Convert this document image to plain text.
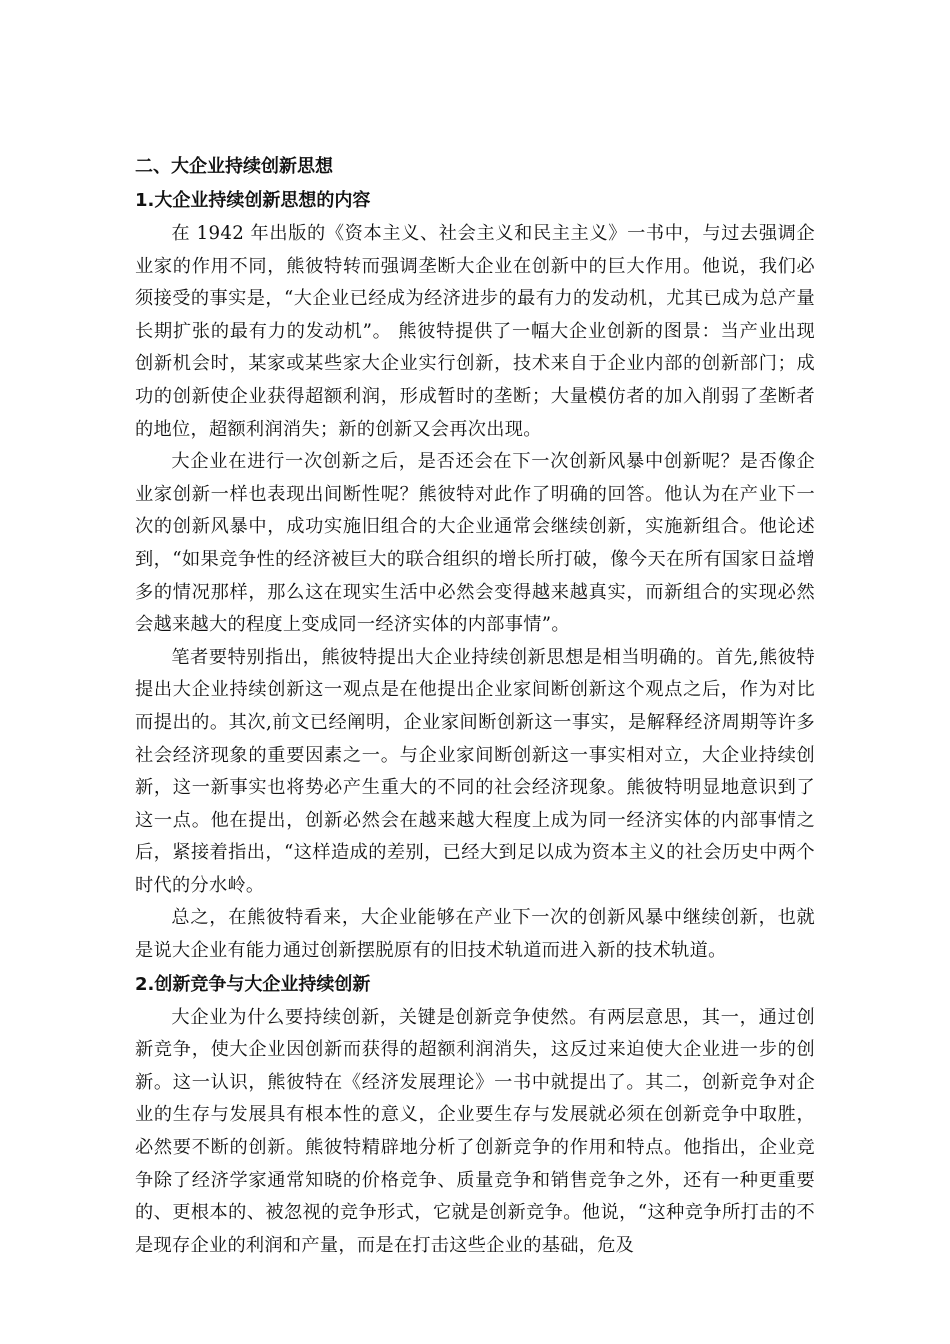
二、大企业持续创新思想
1.大企业持续创新思想的内容

在 1942 年出版的《资本主义、社会主义和民主主义》一书中，与过去强调企业家的作用不同，熊彼特转而强调垄断大企业在创新中的巨大作用。他说，我们必须接受的事实是，“大企业已经成为经济进步的最有力的发动机，尤其已成为总产量长期扩张的最有力的发动机”。 熊彼特提供了一幅大企业创新的图景：当产业出现创新机会时，某家或某些家大企业实行创新，技术来自于企业内部的创新部门；成功的创新使企业获得超额利润，形成暂时的垄断；大量模仿者的加入削弱了垄断者的地位，超额利润消失；新的创新又会再次出现。

大企业在进行一次创新之后，是否还会在下一次创新风暴中创新呢？是否像企业家创新一样也表现出间断性呢？熊彼特对此作了明确的回答。他认为在产业下一次的创新风暴中，成功实施旧组合的大企业通常会继续创新，实施新组合。他论述到，“如果竞争性的经济被巨大的联合组织的增长所打破，像今天在所有国家日益增多的情况那样，那么这在现实生活中必然会变得越来越真实，而新组合的实现必然会越来越大的程度上变成同一经济实体的内部事情”。

笔者要特别指出，熊彼特提出大企业持续创新思想是相当明确的。首先,熊彼特提出大企业持续创新这一观点是在他提出企业家间断创新这个观点之后，作为对比而提出的。其次,前文已经阐明，企业家间断创新这一事实，是解释经济周期等许多社会经济现象的重要因素之一。与企业家间断创新这一事实相对立，大企业持续创新，这一新事实也将势必产生重大的不同的社会经济现象。熊彼特明显地意识到了这一点。他在提出，创新必然会在越来越大程度上成为同一经济实体的内部事情之后，紧接着指出，“这样造成的差别，已经大到足以成为资本主义的社会历史中两个时代的分水岭。

总之，在熊彼特看来，大企业能够在产业下一次的创新风暴中继续创新，也就是说大企业有能力通过创新摆脱原有的旧技术轨道而进入新的技术轨道。

2.创新竞争与大企业持续创新

大企业为什么要持续创新，关键是创新竞争使然。有两层意思，其一，通过创新竞争，使大企业因创新而获得的超额利润消失，这反过来迫使大企业进一步的创新。这一认识，熊彼特在《经济发展理论》一书中就提出了。其二，创新竞争对企业的生存与发展具有根本性的意义，企业要生存与发展就必须在创新竞争中取胜，必然要不断的创新。熊彼特精辟地分析了创新竞争的作用和特点。他指出，企业竞争除了经济学家通常知晓的价格竞争、质量竞争和销售竞争之外，还有一种更重要的、更根本的、被忽视的竞争形式，它就是创新竞争。他说，“这种竞争所打击的不是现存企业的利润和产量，而是在打击这些企业的基础，危及
